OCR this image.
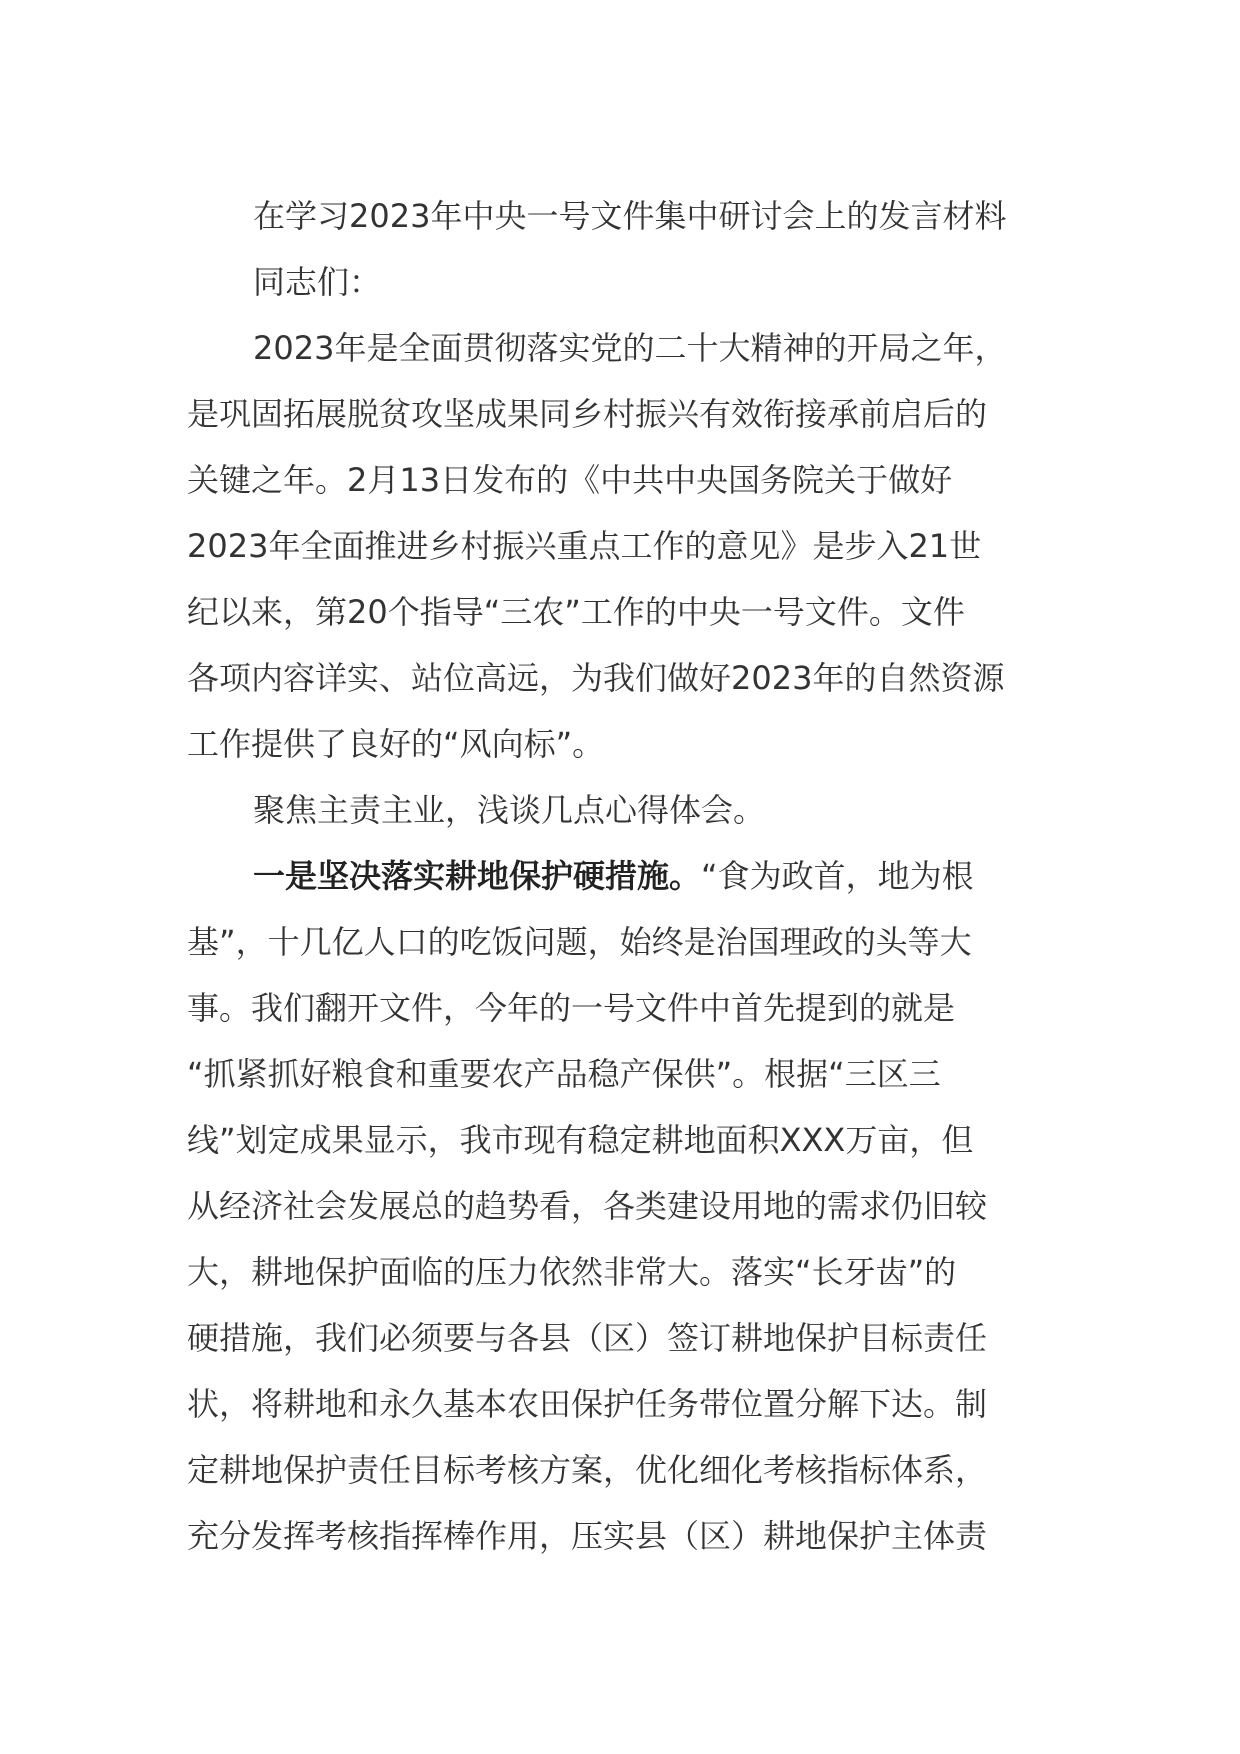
在学习2023年中央一号文件集中研讨会上的发言材料
同志们：
2023年是全面贯彻落实党的二十大精神的开局之年，
是巩固拓展脱贫攻坚成果同乡村振兴有效衔接承前启后的
关键之年。2月13日发布的《中共中央国务院关于做好
2023年全面推进乡村振兴重点工作的意见》是步入21世
纪以来，第20个指导“三农”工作的中央一号文件。文件
各项内容详实、站位高远，为我们做好2023年的自然资源
工作提供了良好的“风向标”。
聚焦主责主业，浅谈几点心得体会。
一是坚决落实耕地保护硬措施。“食为政首，地为根
基”，十几亿人口的吃饭问题，始终是治国理政的头等大
事。我们翻开文件，今年的一号文件中首先提到的就是
“抓紧抓好粮食和重要农产品稳产保供”。根据“三区三
线”划定成果显示，我市现有稳定耕地面积XXX万亩，但
从经济社会发展总的趋势看，各类建设用地的需求仍旧较
大，耕地保护面临的压力依然非常大。落实“长牙齿”的
硬措施，我们必须要与各县（区）签订耕地保护目标责任
状，将耕地和永久基本农田保护任务带位置分解下达。制
定耕地保护责任目标考核方案，优化细化考核指标体系，
充分发挥考核指挥棒作用，压实县（区）耕地保护主体责
